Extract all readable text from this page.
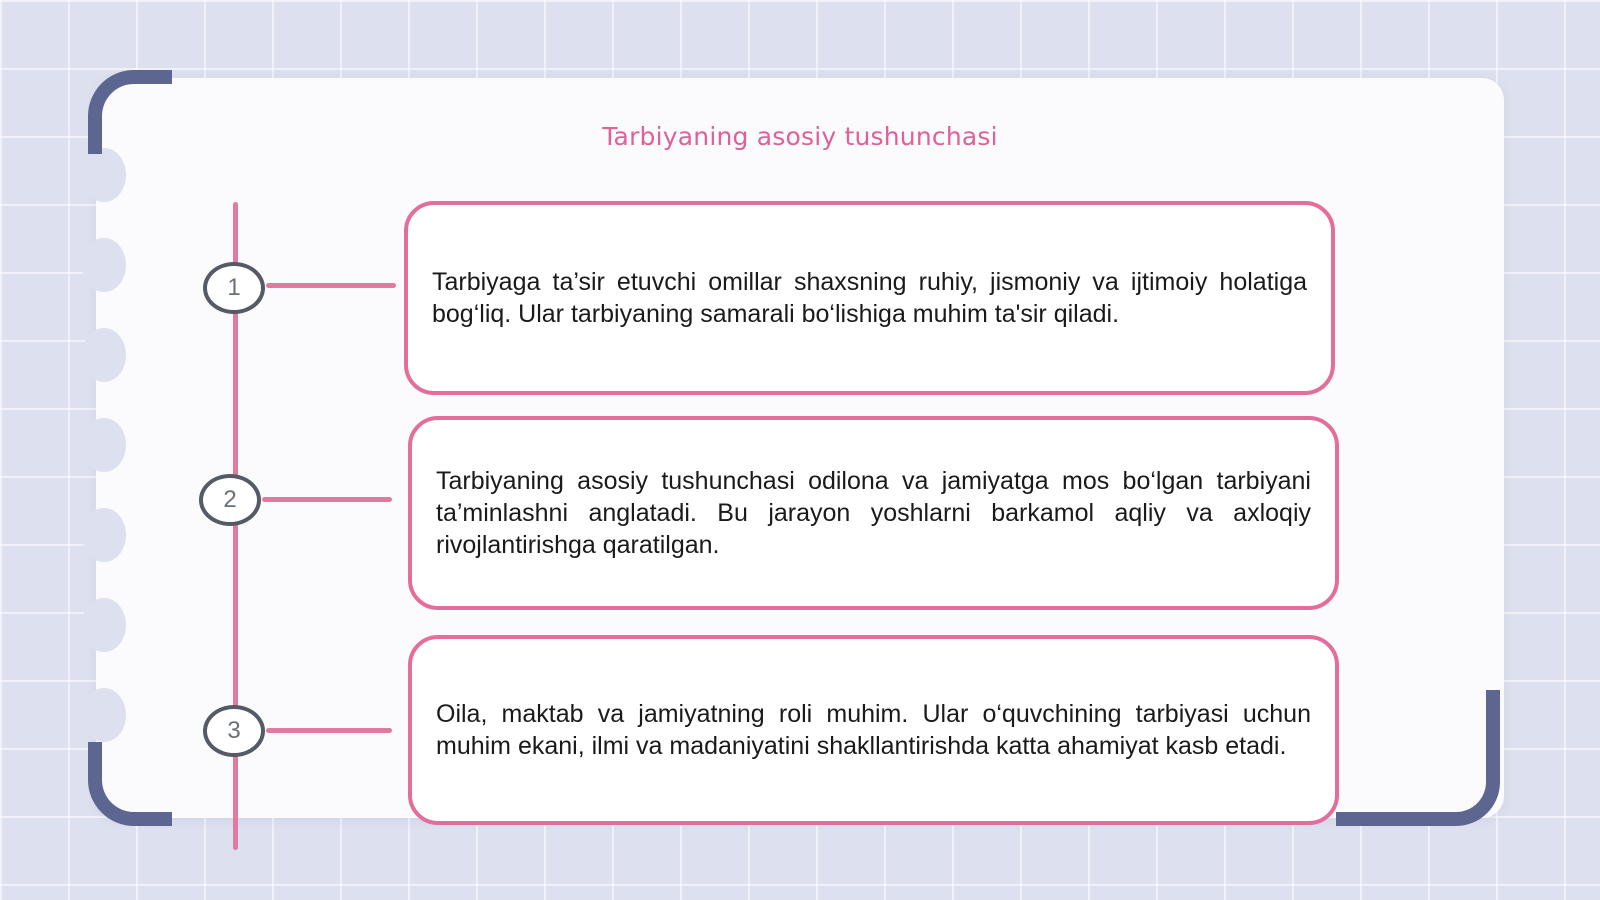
Tarbiyaning asosiy tushunchasi
1
2
3

Tarbiyaga ta’sir etuvchi omillar shaxsning ruhiy, jismoniy va ijtimoiy holatiga bog‘liq. Ular tarbiyaning samarali bo‘lishiga muhim ta'sir qiladi.

Tarbiyaning asosiy tushunchasi odilona va jamiyatga mos bo‘lgan tarbiyani ta’minlashni anglatadi. Bu jarayon yoshlarni barkamol aqliy va axloqiy rivojlantirishga qaratilgan.

Oila, maktab va jamiyatning roli muhim. Ular o‘quvchining tarbiyasi uchun muhim ekani, ilmi va madaniyatini shakllantirishda katta ahamiyat kasb etadi.
